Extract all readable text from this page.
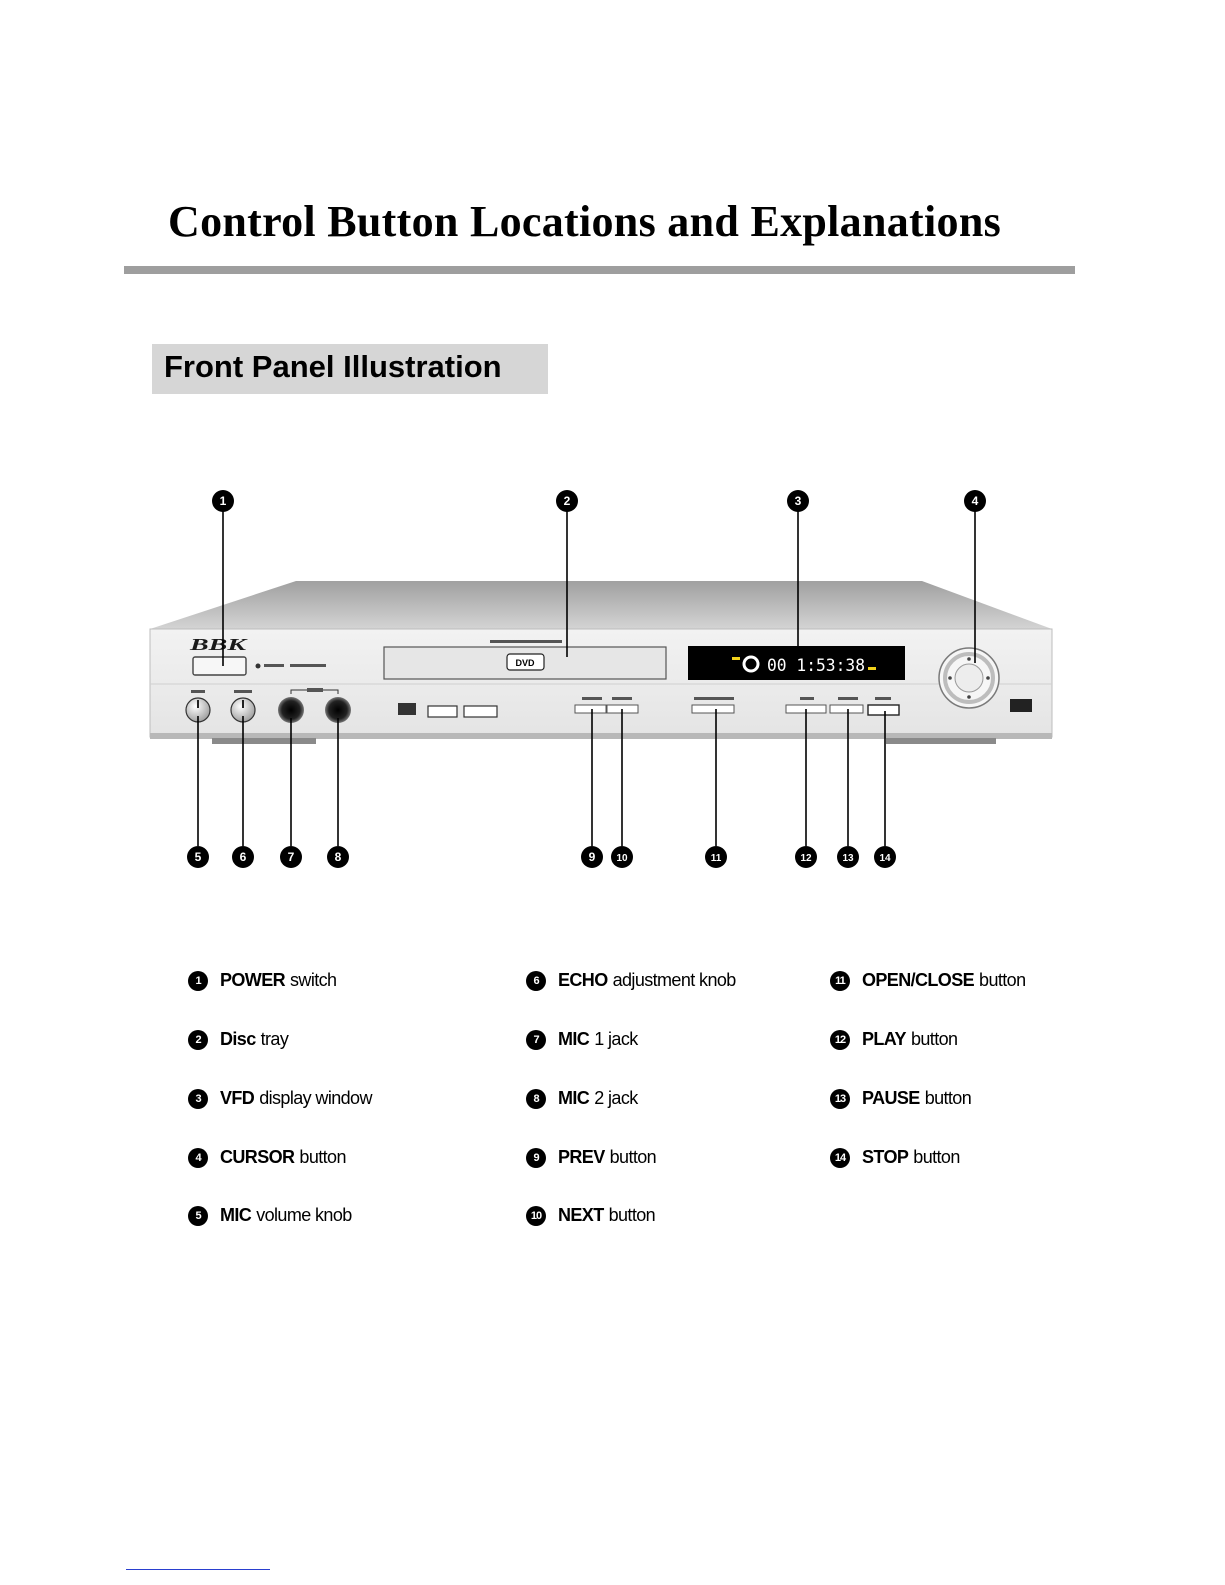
Control Button Locations and Explanations
Front Panel Illustration
BBK
DVD	00 1:53:38
1	2	3	4
5	6	7	8	9 10	11	12	13	14
1	POWER switch
2	Disc tray
3	VFD display window
4	CURSOR button
5	MIC volume knob
6	ECHO adjustment knob
7	MIC 1 jack
8	MIC 2 jack
9	PREV button
10 NEXT button
11 OPEN/CLOSE button
12 PLAY button
13 PAUSE button
14 STOP button
